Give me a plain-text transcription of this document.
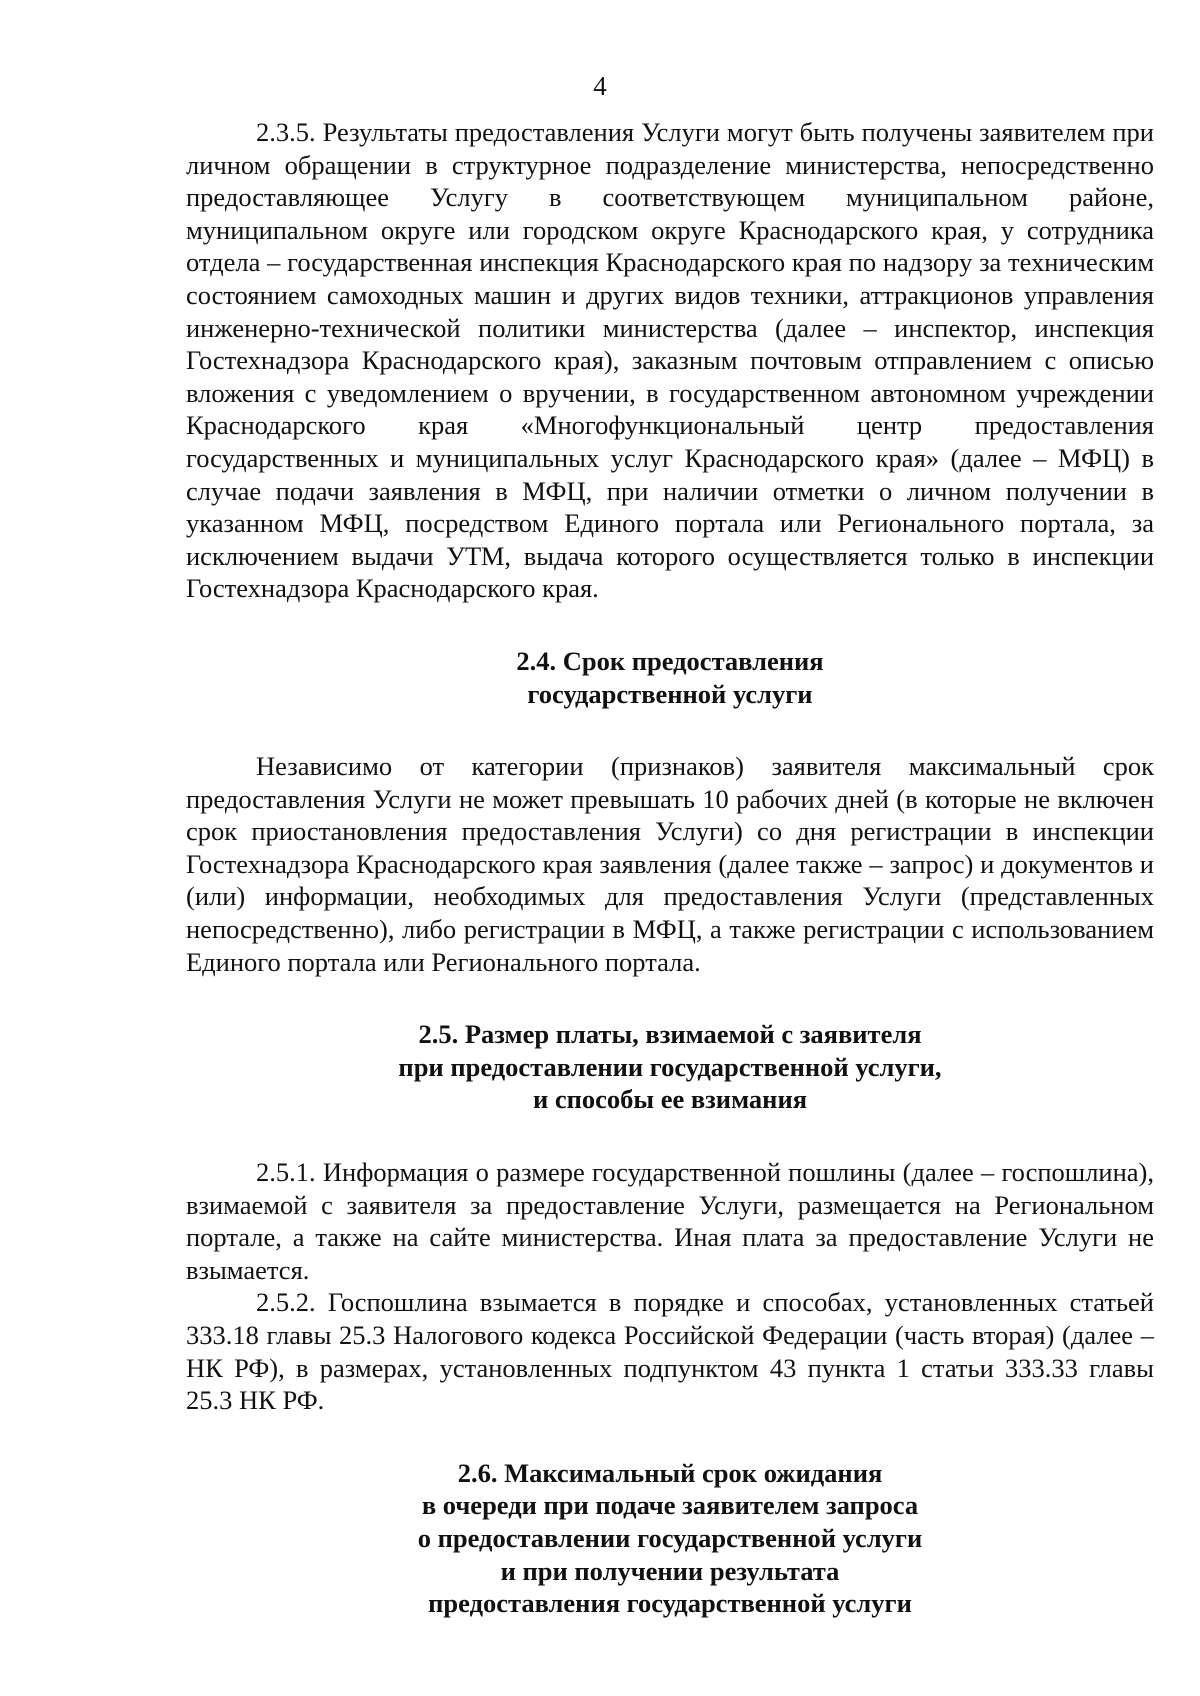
4

2.3.5. Результаты предоставления Услуги могут быть получены заявителем при личном обращении в структурное подразделение министерства, непосредственно предоставляющее Услугу в соответствующем муниципальном районе, муниципальном округе или городском округе Краснодарского края, у сотрудника отдела – государственная инспекция Краснодарского края по надзору за техническим состоянием самоходных машин и других видов техники, аттракционов управления инженерно-технической политики министерства (далее – инспектор, инспекция Гостехнадзора Краснодарского края), заказным почтовым отправлением с описью вложения с уведомлением о вручении, в государственном автономном учреждении Краснодарского края «Многофункциональный центр предоставления государственных и муниципальных услуг Краснодарского края» (далее – МФЦ) в случае подачи заявления в МФЦ, при наличии отметки о личном получении в указанном МФЦ, посредством Единого портала или Регионального портала, за исключением выдачи УТМ, выдача которого осуществляется только в инспекции Гостехнадзора Краснодарского края.

2.4. Срок предоставления
государственной услуги

Независимо от категории (признаков) заявителя максимальный срок предоставления Услуги не может превышать 10 рабочих дней (в которые не включен срок приостановления предоставления Услуги) со дня регистрации в инспекции Гостехнадзора Краснодарского края заявления (далее также – запрос) и документов и (или) информации, необходимых для предоставления Услуги (представленных непосредственно), либо регистрации в МФЦ, а также регистрации с использованием Единого портала или Регионального портала.

2.5. Размер платы, взимаемой с заявителя
при предоставлении государственной услуги,
и способы ее взимания

2.5.1. Информация о размере государственной пошлины (далее – госпошлина), взимаемой с заявителя за предоставление Услуги, размещается на Региональном портале, а также на сайте министерства. Иная плата за предоставление Услуги не взымается.

2.5.2. Госпошлина взымается в порядке и способах, установленных статьей 333.18 главы 25.3 Налогового кодекса Российской Федерации (часть вторая) (далее – НК РФ), в размерах, установленных подпунктом 43 пункта 1 статьи 333.33 главы 25.3 НК РФ.

2.6. Максимальный срок ожидания
в очереди при подаче заявителем запроса
о предоставлении государственной услуги
и при получении результата
предоставления государственной услуги
